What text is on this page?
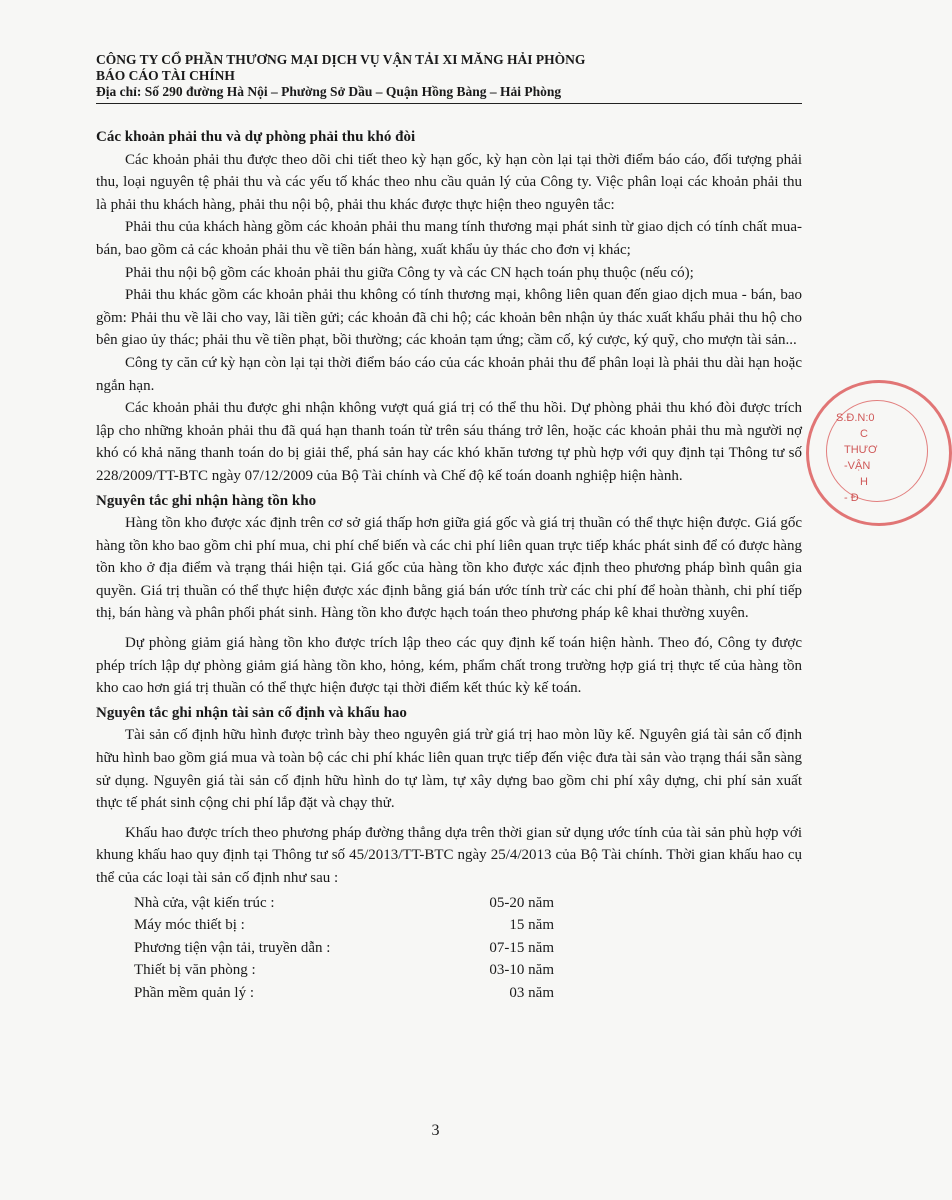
CÔNG TY CỔ PHẦN THƯƠNG MẠI DỊCH VỤ VẬN TẢI XI MĂNG HẢI PHÒNG
BÁO CÁO TÀI CHÍNH
Địa chỉ: Số 290 đường Hà Nội – Phường Sở Dầu – Quận Hồng Bàng – Hải Phòng

Các khoản phải thu và dự phòng phải thu khó đòi

Các khoản phải thu được theo dõi chi tiết theo kỳ hạn gốc, kỳ hạn còn lại tại thời điểm báo cáo, đối tượng phải thu, loại nguyên tệ phải thu và các yếu tố khác theo nhu cầu quản lý của Công ty. Việc phân loại các khoản phải thu là phải thu khách hàng, phải thu nội bộ, phải thu khác được thực hiện theo nguyên tắc:

Phải thu của khách hàng gồm các khoản phải thu mang tính thương mại phát sinh từ giao dịch có tính chất mua-bán, bao gồm cả các khoản phải thu về tiền bán hàng, xuất khẩu ủy thác cho đơn vị khác;

Phải thu nội bộ gồm các khoản phải thu giữa Công ty và các CN hạch toán phụ thuộc (nếu có);

Phải thu khác gồm các khoản phải thu không có tính thương mại, không liên quan đến giao dịch mua - bán, bao gồm: Phải thu về lãi cho vay, lãi tiền gửi; các khoản đã chi hộ; các khoản bên nhận ủy thác xuất khẩu phải thu hộ cho bên giao ủy thác; phải thu về tiền phạt, bồi thường; các khoản tạm ứng; cầm cố, ký cược, ký quỹ, cho mượn tài sản...

Công ty căn cứ kỳ hạn còn lại tại thời điểm báo cáo của các khoản phải thu để phân loại là phải thu dài hạn hoặc ngắn hạn.

Các khoản phải thu được ghi nhận không vượt quá giá trị có thể thu hồi. Dự phòng phải thu khó đòi được trích lập cho những khoản phải thu đã quá hạn thanh toán từ trên sáu tháng trở lên, hoặc các khoản phải thu mà người nợ khó có khả năng thanh toán do bị giải thể, phá sản hay các khó khăn tương tự phù hợp với quy định tại Thông tư số 228/2009/TT-BTC ngày 07/12/2009 của Bộ Tài chính và Chế độ kế toán doanh nghiệp hiện hành.

Nguyên tắc ghi nhận hàng tồn kho

Hàng tồn kho được xác định trên cơ sở giá thấp hơn giữa giá gốc và giá trị thuần có thể thực hiện được. Giá gốc hàng tồn kho bao gồm chi phí mua, chi phí chế biến và các chi phí liên quan trực tiếp khác phát sinh để có được hàng tồn kho ở địa điểm và trạng thái hiện tại. Giá gốc của hàng tồn kho được xác định theo phương pháp bình quân gia quyền. Giá trị thuần có thể thực hiện được xác định bằng giá bán ước tính trừ các chi phí để hoàn thành, chi phí tiếp thị, bán hàng và phân phối phát sinh. Hàng tồn kho được hạch toán theo phương pháp kê khai thường xuyên.

Dự phòng giảm giá hàng tồn kho được trích lập theo các quy định kế toán hiện hành. Theo đó, Công ty được phép trích lập dự phòng giảm giá hàng tồn kho, hỏng, kém, phẩm chất trong trường hợp giá trị thực tế của hàng tồn kho cao hơn giá trị thuần có thể thực hiện được tại thời điểm kết thúc kỳ kế toán.

Nguyên tắc ghi nhận tài sản cố định và khấu hao

Tài sản cố định hữu hình được trình bày theo nguyên giá trừ giá trị hao mòn lũy kế. Nguyên giá tài sản cố định hữu hình bao gồm giá mua và toàn bộ các chi phí khác liên quan trực tiếp đến việc đưa tài sản vào trạng thái sẵn sàng sử dụng. Nguyên giá tài sản cố định hữu hình do tự làm, tự xây dựng bao gồm chi phí xây dựng, chi phí sản xuất thực tế phát sinh cộng chi phí lắp đặt và chạy thử.

Khấu hao được trích theo phương pháp đường thẳng dựa trên thời gian sử dụng ước tính của tài sản phù hợp với khung khấu hao quy định tại Thông tư số 45/2013/TT-BTC ngày 25/4/2013 của Bộ Tài chính. Thời gian khấu hao cụ thể của các loại tài sản cố định như sau :

Nhà cửa, vật kiến trúc :	05-20 năm
Máy móc thiết bị :	15 năm
Phương tiện vận tải, truyền dẫn :	07-15 năm
Thiết bị văn phòng :	03-10 năm
Phần mềm quản lý :	03 năm
3
S.Đ.N:0
C
THƯƠ
-VẬN
H
- Đ
